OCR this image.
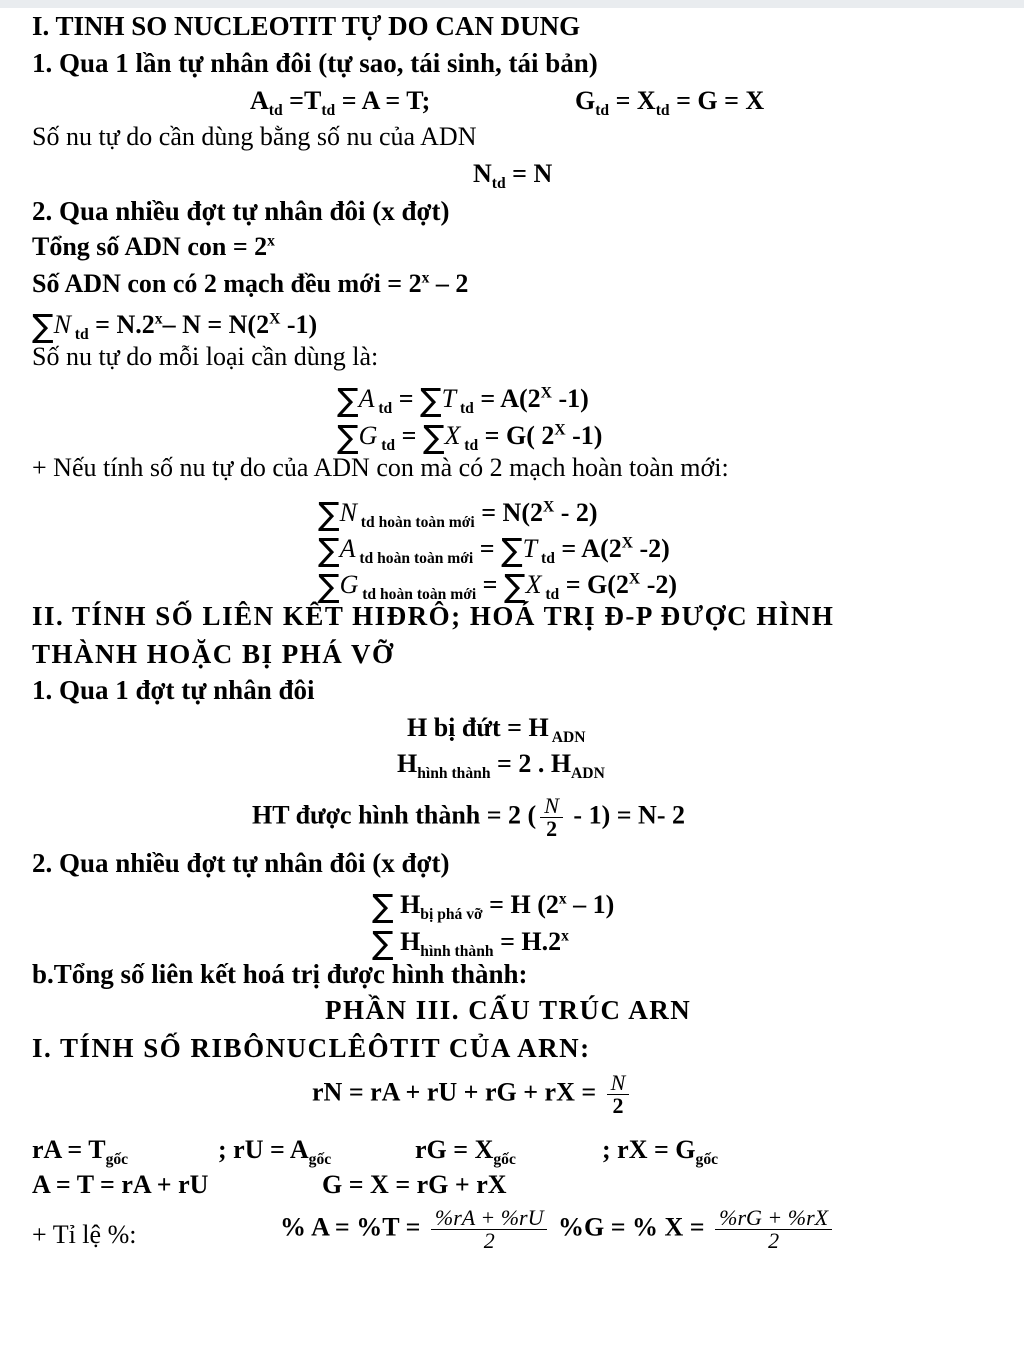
I. TINH SO NUCLEOTIT TỰ DO CAN DUNG
1. Qua 1 lần tự nhân đôi (tự sao, tái sinh, tái bản)
$A_{td} =T_{td} = A = T$;	$G_{td} = X_{td} = G = X$
Số nu tự do cần dùng bằng số nu của ADN
$N_{td} = N$
2. Qua nhiều đợt tự nhân đôi (x đợt)
Tổng số ADN con = $2^x$
Số ADN con có 2 mạch đều mới = $2^x - 2$
∑N $_{td} = N.2^x-$ $N = N(2^X$ -1)
Số nu tự do mỗi loại cần dùng là:
∑A $_{td}$ = ∑T $_{td} = A(2^X$ -1)
∑G $_{td}$ = ∑X $_{td}$ = G( $2^X$ -1)
+ Nếu tính số nu tự do của ADN con mà có 2 mạch hoàn toàn mới:
∑N $_{td hoàn toàn mới} = N(2^X - 2)$
∑A $_{td hoàn toàn mới}$ = ∑T $_{td} = A(2^X$ -2)
∑G $_{td hoàn toàn mới}$ = ∑X $_{td} = G(2^X$ -2)
II. TÍNH SỐ LIÊN KẾT HIĐRÔ; HOÁ TRỊ Đ-P ĐƯỢC HÌNH
THÀNH HOẶC BỊ PHÁ VỠ
1. Qua 1 đợt tự nhân đôi
H bị đứt = H $_{ADN}$
$H_{hình thành} = 2$ . $H_{ADN}$
HT được hình thành = 2 ( $\frac{N}{2} - 1) = N-$ 2
2. Qua nhiều đợt tự nhân đôi (x đợt)
∑ $H_{bị phá vỡ} = H$ (2$^x$ – 1)
∑ $H_{hình thành} = H.2^x$
b.Tổng số liên kết hoá trị được hình thành:
PHẦN III. CẤU TRÚC ARN
I. TÍNH SỐ RIBÔNUCLÊÔTIT CỦA ARN:
rN = rA + rU + rG + rX = $\frac{N}{2}$
rA = $T_{gốc}$	; rU = $A_{gốc}$	rG = $X_{gốc}$	; rX = $G_{gốc}$
A = T = rA + rU	G = X = rG + rX
+ Tỉ lệ %:	% $A = \%T = \frac{\%rA + \%rU}{2} \%G$ = % $X = \frac{\%rG + \%rX}{2}$
